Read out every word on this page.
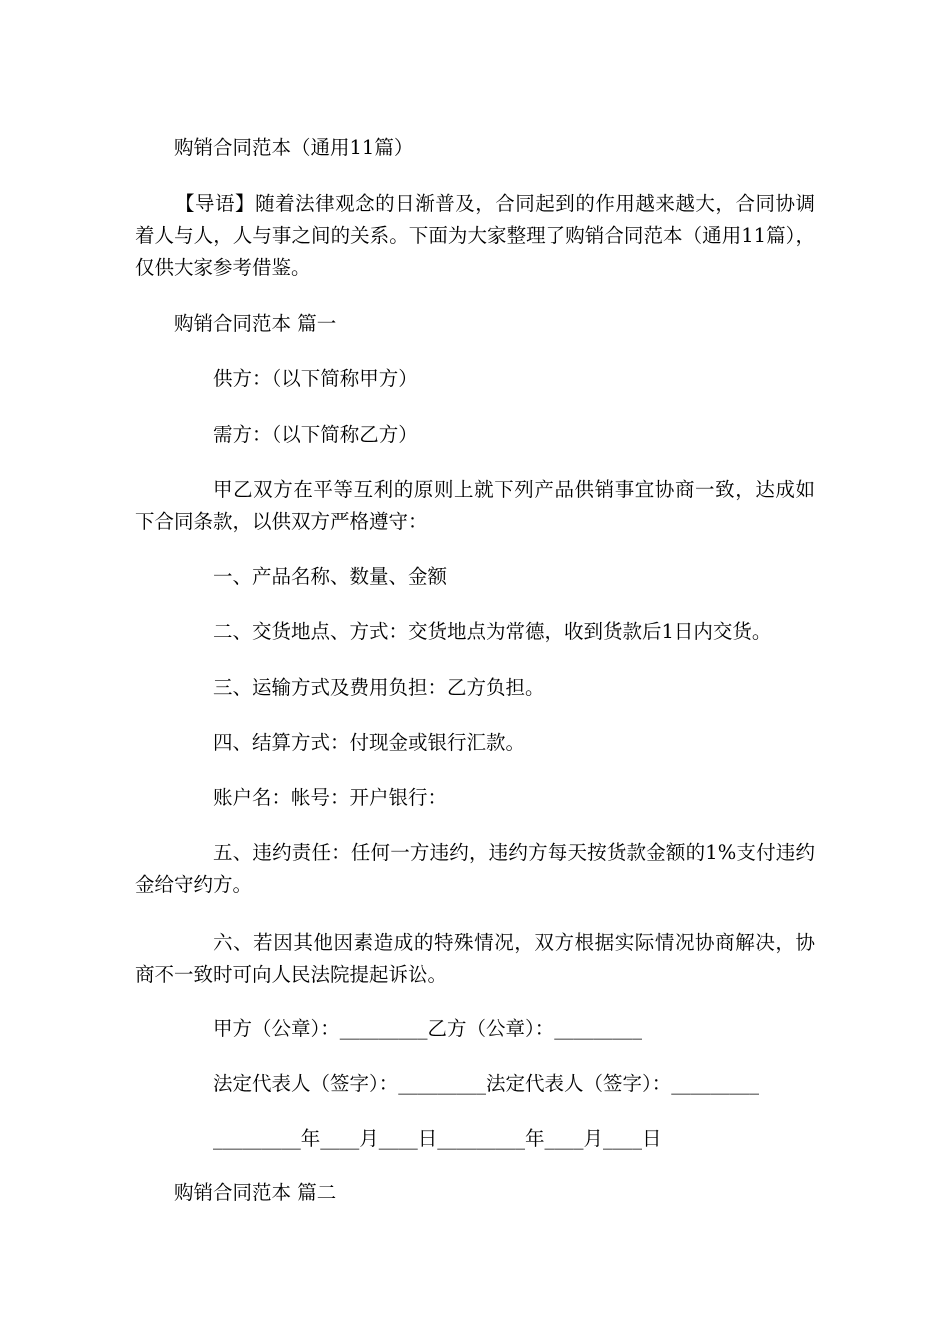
购销合同范本（通用11篇）
【导语】随着法律观念的日渐普及，合同起到的作用越来越大，合同协调着人与人，人与事之间的关系。下面为大家整理了购销合同范本（通用11篇），仅供大家参考借鉴。
购销合同范本 篇一
供方：（以下简称甲方）
需方：（以下简称乙方）
甲乙双方在平等互利的原则上就下列产品供销事宜协商一致，达成如下合同条款，以供双方严格遵守：
一、产品名称、数量、金额
二、交货地点、方式：交货地点为常德，收到货款后1日内交货。
三、运输方式及费用负担：乙方负担。
四、结算方式：付现金或银行汇款。
账户名：帐号：开户银行：
五、违约责任：任何一方违约，违约方每天按货款金额的1%支付违约金给守约方。
六、若因其他因素造成的特殊情况，双方根据实际情况协商解决，协商不一致时可向人民法院提起诉讼。
甲方（公章）：_________乙方（公章）：_________
法定代表人（签字）：_________法定代表人（签字）：_________
_________年____月____日_________年____月____日
购销合同范本 篇二
